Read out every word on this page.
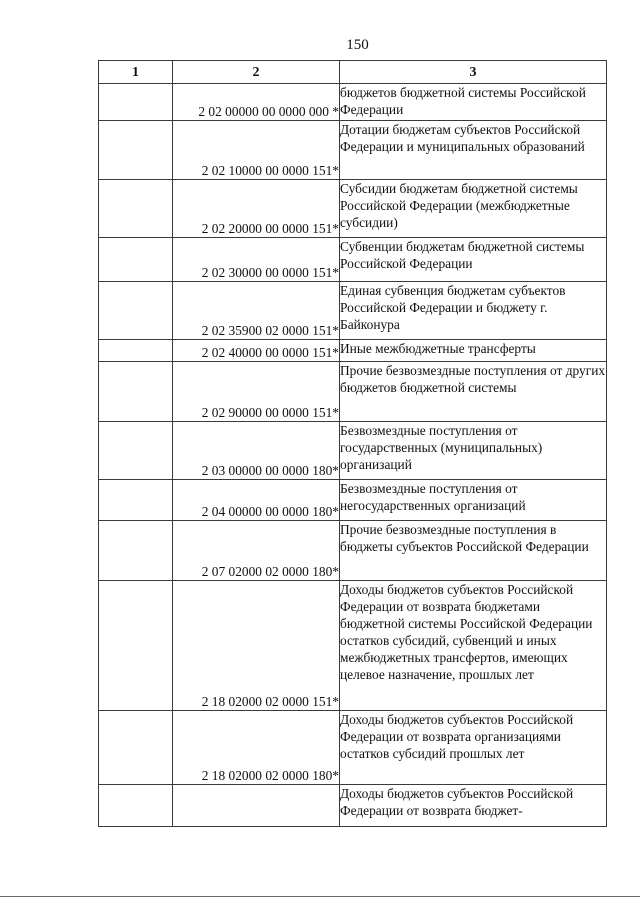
150
1	2	3
	2 02 00000 00 0000 000 *	бюджетов бюджетной системы Российской Федерации
	2 02 10000 00 0000 151*	Дотации бюджетам субъектов Российской Федерации и муниципальных образований
	2 02 20000 00 0000 151*	Субсидии бюджетам бюджетной системы Российской Федерации (межбюджетные субсидии)
	2 02 30000 00 0000 151*	Субвенции бюджетам бюджетной системы Российской Федерации
	2 02 35900 02 0000 151*	Единая субвенция бюджетам субъектов Российской Федерации и бюджету г. Байконура
	2 02 40000 00 0000 151*	Иные межбюджетные трансферты
	2 02 90000 00 0000 151*	Прочие безвозмездные поступления от других бюджетов бюджетной системы
	2 03 00000 00 0000 180*	Безвозмездные поступления от государственных (муниципальных) организаций
	2 04 00000 00 0000 180*	Безвозмездные поступления от негосударственных организаций
	2 07 02000 02 0000 180*	Прочие безвозмездные поступления в бюджеты субъектов Российской Федерации
	2 18 02000 02 0000 151*	Доходы бюджетов субъектов Российской Федерации от возврата бюджетами бюджетной системы Российской Федерации остатков субсидий, субвенций и иных межбюджетных трансфертов, имеющих целевое назначение, прошлых лет
	2 18 02000 02 0000 180*	Доходы бюджетов субъектов Российской Федерации от возврата организациями остатков субсидий прошлых лет
		Доходы бюджетов субъектов Российской Федерации от возврата бюджет-
